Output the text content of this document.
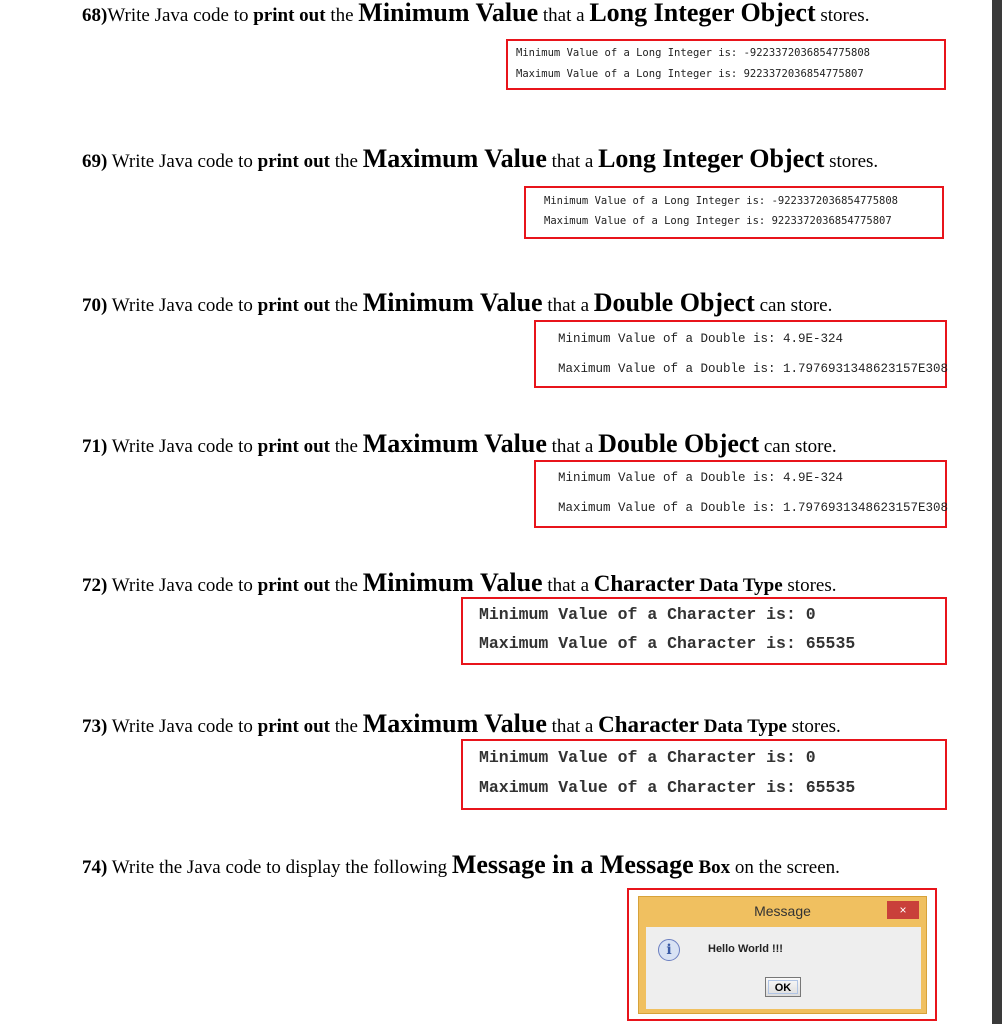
68)Write Java code to print out the Minimum Value that a Long Integer Object stores.
Minimum Value of a Long Integer is: -9223372036854775808
Maximum Value of a Long Integer is: 9223372036854775807
69) Write Java code to print out the Maximum Value that a Long Integer Object stores.
Minimum Value of a Long Integer is: -9223372036854775808
Maximum Value of a Long Integer is: 9223372036854775807
70) Write Java code to print out the Minimum Value that a Double Object can store.
Minimum Value of a Double is: 4.9E-324
Maximum Value of a Double is: 1.7976931348623157E308
71) Write Java code to print out the Maximum Value that a Double Object can store.
Minimum Value of a Double is: 4.9E-324
Maximum Value of a Double is: 1.7976931348623157E308
72) Write Java code to print out the Minimum Value that a Character Data Type stores.
Minimum Value of a Character is: 0
Maximum Value of a Character is: 65535
73) Write Java code to print out the Maximum Value that a Character Data Type stores.
Minimum Value of a Character is: 0
Maximum Value of a Character is: 65535
74) Write the Java code to display the following Message in a Message Box on the screen.
Message	×
i	Hello World !!!
OK
